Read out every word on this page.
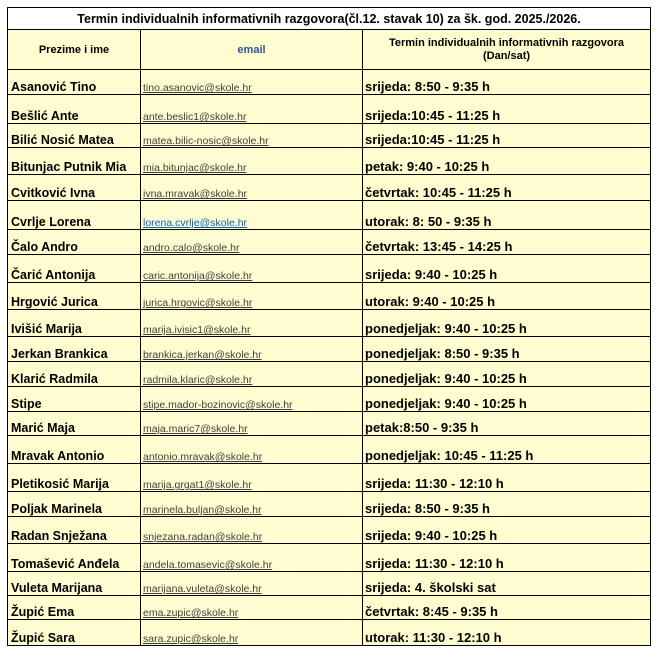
Termin individualnih informativnih razgovora(čl.12. stavak 10) za šk. god. 2025./2026.		
Prezime i ime	email	Termin individualnih informativnih razgovora
(Dan/sat)

Asanović Tino	tino.asanovic@skole.hr	srijeda: 8:50 - 9:35 h
Bešlić Ante	ante.beslic1@skole.hr	srijeda:10:45 - 11:25 h
Bilić Nosić Matea	matea.bilic-nosic@skole.hr	srijeda:10:45 - 11:25 h
Bitunjac Putnik Mia	mia.bitunjac@skole.hr	petak: 9:40 - 10:25 h
Cvitković Ivna	ivna.mravak@skole.hr	četvrtak: 10:45 - 11:25 h
Cvrlje Lorena	lorena.cvrlje@skole.hr	utorak: 8: 50 - 9:35 h
Čalo Andro	andro.calo@skole.hr	četvrtak: 13:45 - 14:25 h
Čarić Antonija	caric.antonija@skole.hr	srijeda: 9:40 - 10:25 h
Hrgović Jurica	jurica.hrgovic@skole.hr	utorak: 9:40 - 10:25 h
Ivišić Marija	marija.ivisic1@skole.hr	ponedjeljak: 9:40 - 10:25 h
Jerkan Brankica	brankica.jerkan@skole.hr	ponedjeljak: 8:50 - 9:35 h
Klarić Radmila	radmila.klaric@skole.hr	ponedjeljak: 9:40 - 10:25 h
Stipe	stipe.mador-bozinovic@skole.hr	ponedjeljak: 9:40 - 10:25 h
Marić Maja	maja.maric7@skole.hr	petak:8:50 - 9:35 h
Mravak Antonio	antonio.mravak@skole.hr	ponedjeljak: 10:45 - 11:25 h
Pletikosić Marija	marija.grgat1@skole.hr	srijeda: 11:30 - 12:10 h
Poljak Marinela	marinela.buljan@skole.hr	srijeda: 8:50 - 9:35 h
Radan Snježana	snjezana.radan@skole.hr	srijeda: 9:40 - 10:25 h
Tomašević Anđela	andela.tomasevic@skole.hr	srijeda: 11:30 - 12:10 h
Vuleta Marijana	marijana.vuleta@skole.hr	srijeda: 4. školski sat
Župić Ema	ema.zupic@skole.hr	četvrtak: 8:45 - 9:35 h
Župić Sara	sara.zupic@skole.hr	utorak: 11:30 - 12:10 h
